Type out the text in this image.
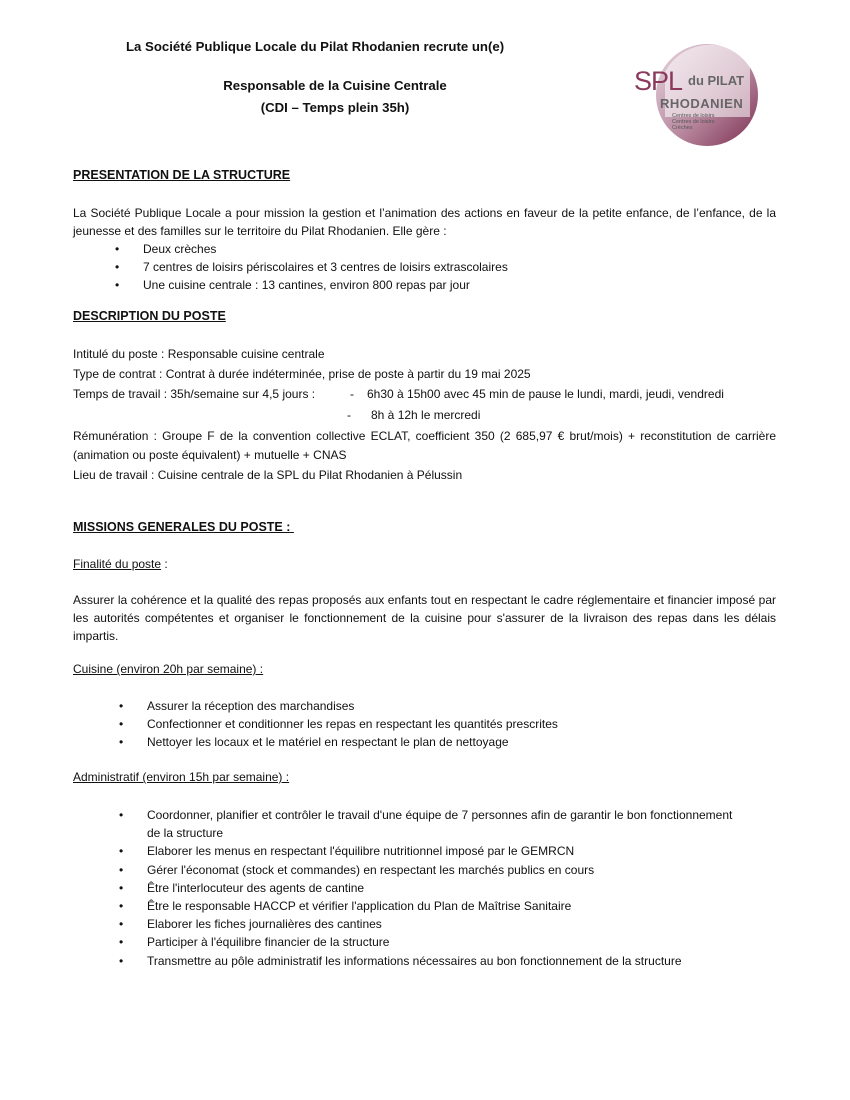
La Société Publique Locale du Pilat Rhodanien recrute un(e)
Responsable de la Cuisine Centrale
(CDI – Temps plein 35h)
SPL du PILAT
RHODANIEN
Centres de loisirs
Centres de loisirs
Crèches
PRESENTATION DE LA STRUCTURE
La Société Publique Locale a pour mission la gestion et l’animation des actions en faveur de la petite enfance, de l’enfance, de la jeunesse et des familles sur le territoire du Pilat Rhodanien. Elle gère :
• Deux crèches
• 7 centres de loisirs périscolaires et 3 centres de loisirs extrascolaires
• Une cuisine centrale : 13 cantines, environ 800 repas par jour
DESCRIPTION DU POSTE
Intitulé du poste : Responsable cuisine centrale
Type de contrat : Contrat à durée indéterminée, prise de poste à partir du 19 mai 2025
Temps de travail : 35h/semaine sur 4,5 jours :	- 6h30 à 15h00 avec 45 min de pause le lundi, mardi, jeudi, vendredi
- 8h à 12h le mercredi
Rémunération : Groupe F de la convention collective ECLAT, coefficient 350 (2 685,97 € brut/mois) + reconstitution de carrière (animation ou poste équivalent) + mutuelle + CNAS
Lieu de travail : Cuisine centrale de la SPL du Pilat Rhodanien à Pélussin
MISSIONS GENERALES DU POSTE :
Finalité du poste :
Assurer la cohérence et la qualité des repas proposés aux enfants tout en respectant le cadre réglementaire et financier imposé par les autorités compétentes et organiser le fonctionnement de la cuisine pour s'assurer de la livraison des repas dans les délais impartis.
Cuisine (environ 20h par semaine) :
• Assurer la réception des marchandises
• Confectionner et conditionner les repas en respectant les quantités prescrites
• Nettoyer les locaux et le matériel en respectant le plan de nettoyage
Administratif (environ 15h par semaine) :
• Coordonner, planifier et contrôler le travail d'une équipe de 7 personnes afin de garantir le bon fonctionnement de la structure
• Elaborer les menus en respectant l'équilibre nutritionnel imposé par le GEMRCN
• Gérer l'économat (stock et commandes) en respectant les marchés publics en cours
• Être l'interlocuteur des agents de cantine
• Être le responsable HACCP et vérifier l'application du Plan de Maîtrise Sanitaire
• Elaborer les fiches journalières des cantines
• Participer à l'équilibre financier de la structure
• Transmettre au pôle administratif les informations nécessaires au bon fonctionnement de la structure
